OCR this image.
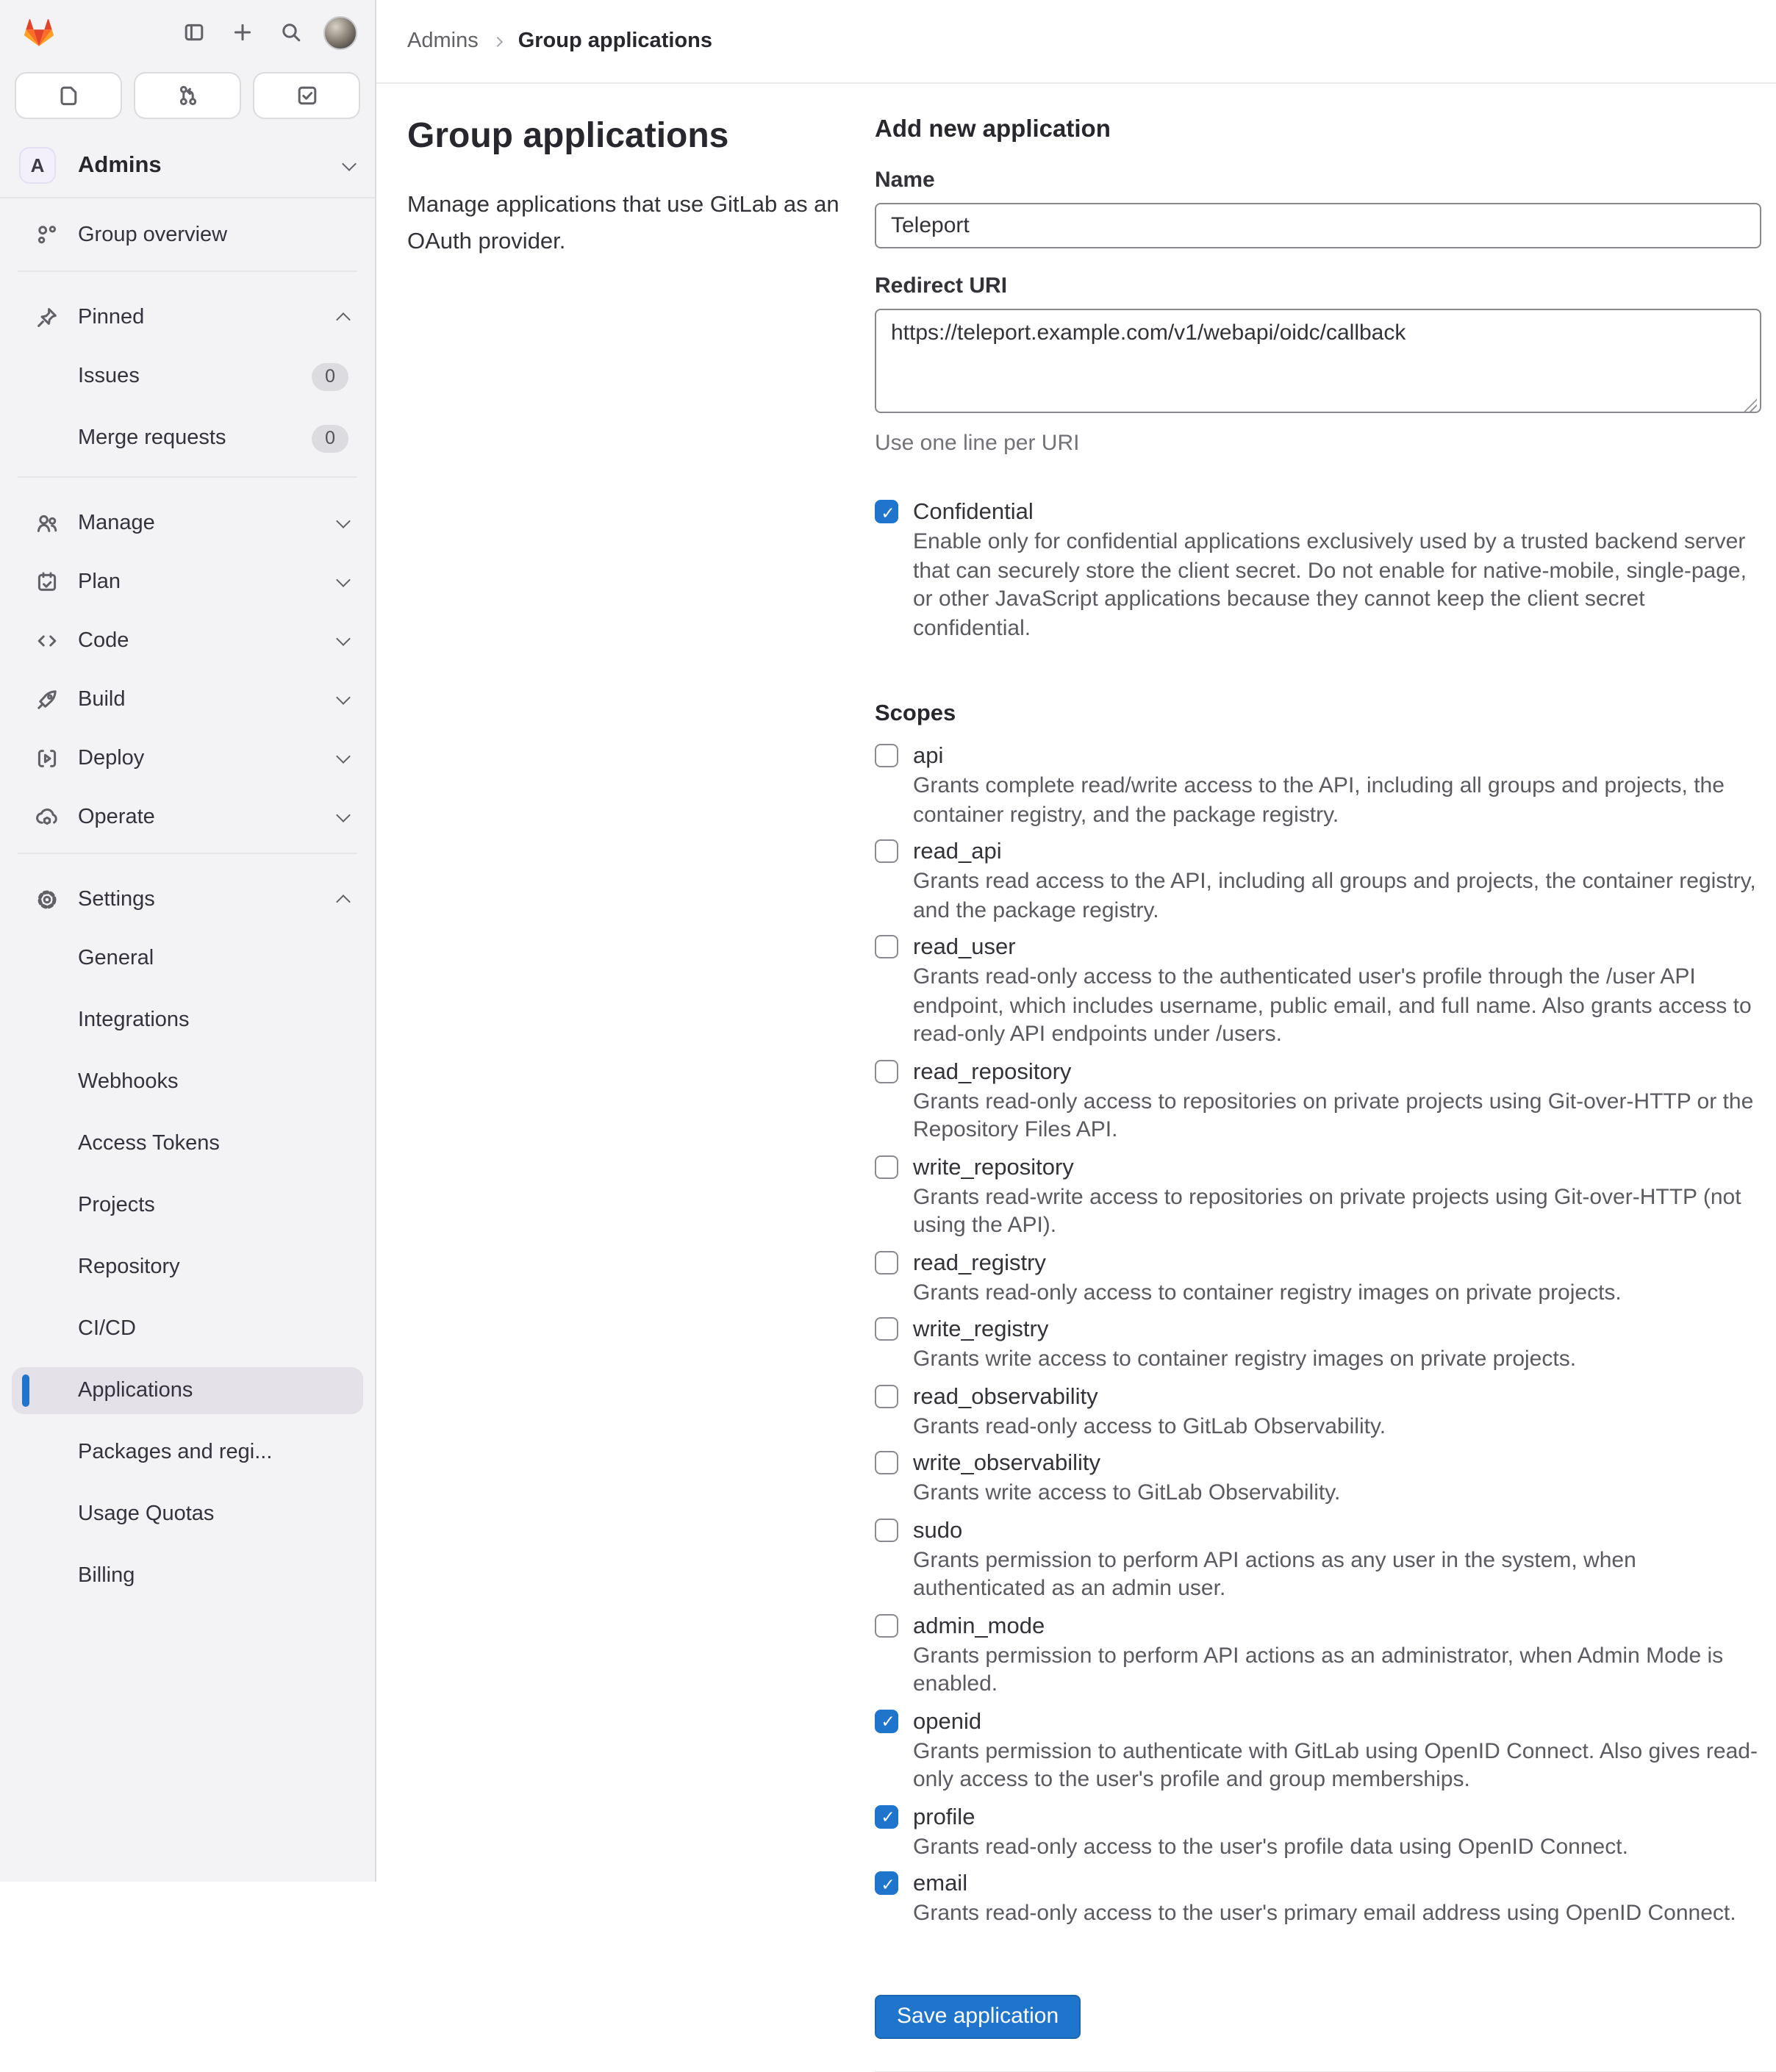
A	Admins
Group overview
Pinned
Issues	0
Merge requests	0
Manage
Plan
Code
Build
Deploy
Operate
Settings
General
Integrations
Webhooks
Access Tokens
Projects
Repository
CI/CD
Applications
Packages and regi...
Usage Quotas
Billing
Admins	Group applications
Group applications

Manage applications that use GitLab as an OAuth provider.

Add new application
Name
Teleport
Redirect URI
https://teleport.example.com/v1/webapi/oidc/callback
Use one line per URI
✓
Confidential
Enable only for confidential applications exclusively used by a trusted backend server that can securely store the client secret. Do not enable for native-mobile, single-page, or other JavaScript applications because they cannot keep the client secret confidential.
Scopes
api
Grants complete read/write access to the API, including all groups and projects, the container registry, and the package registry.
read_api
Grants read access to the API, including all groups and projects, the container registry, and the package registry.
read_user
Grants read-only access to the authenticated user's profile through the /user API endpoint, which includes username, public email, and full name. Also grants access to read-only API endpoints under /users.
read_repository
Grants read-only access to repositories on private projects using Git-over-HTTP or the Repository Files API.
write_repository
Grants read-write access to repositories on private projects using Git-over-HTTP (not using the API).
read_registry
Grants read-only access to container registry images on private projects.
write_registry
Grants write access to container registry images on private projects.
read_observability
Grants read-only access to GitLab Observability.
write_observability
Grants write access to GitLab Observability.
sudo
Grants permission to perform API actions as any user in the system, when authenticated as an admin user.
admin_mode
Grants permission to perform API actions as an administrator, when Admin Mode is enabled.
✓
openid
Grants permission to authenticate with GitLab using OpenID Connect. Also gives read-only access to the user's profile and group memberships.
✓
profile
Grants read-only access to the user's profile data using OpenID Connect.
✓
email
Grants read-only access to the user's primary email address using OpenID Connect.
Save application
